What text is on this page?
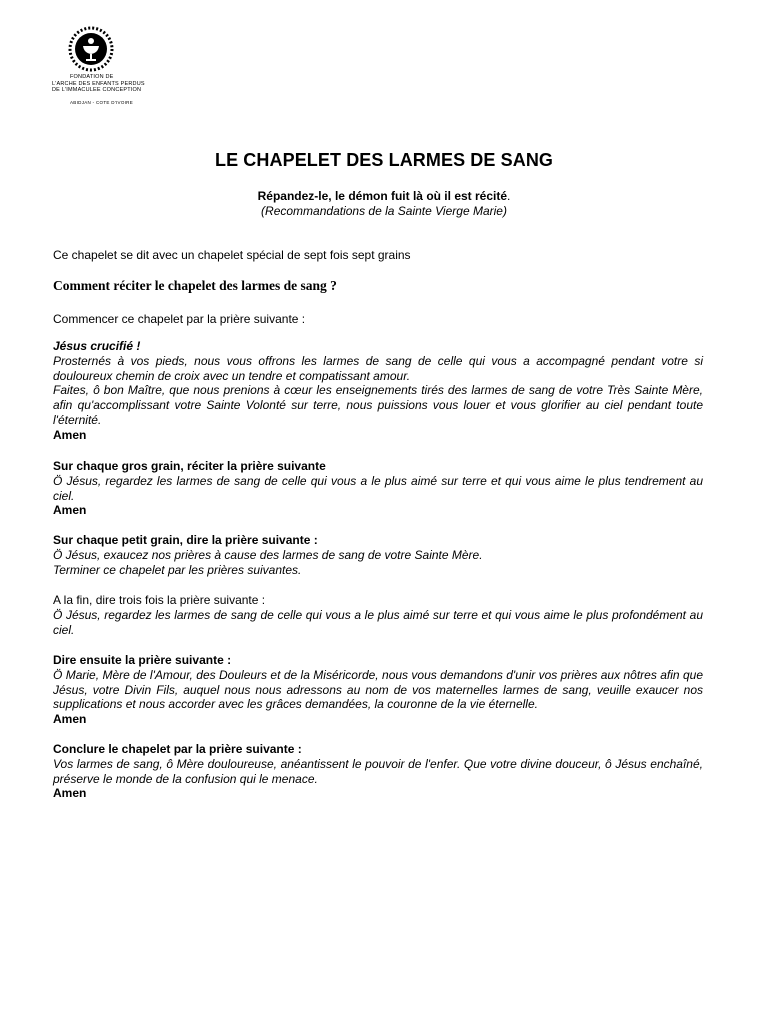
FONDATION DE
L'ARCHE DES ENFANTS PERDUS
DE L'IMMACULEE CONCEPTION
ABIDJAN - COTE D'IVOIRE
LE CHAPELET DES LARMES DE SANG
Répandez-le, le démon fuit là où il est récité.
(Recommandations de la Sainte Vierge Marie)
Ce chapelet se dit avec un chapelet spécial de sept fois sept grains
Comment réciter le chapelet des larmes de sang ?
Commencer ce chapelet par la prière suivante :
Jésus crucifié !
Prosternés à vos pieds, nous vous offrons les larmes de sang de celle qui vous a accompagné pendant votre si douloureux chemin de croix avec un tendre et compatissant amour.
Faites, ô bon Maître, que nous prenions à cœur les enseignements tirés des larmes de sang de votre Très Sainte Mère, afin qu'accomplissant votre Sainte Volonté sur terre, nous puissions vous louer et vous glorifier au ciel pendant toute l'éternité.
Amen
Sur chaque gros grain, réciter la prière suivante
Ö Jésus, regardez les larmes de sang de celle qui vous a le plus aimé sur terre et qui vous aime le plus tendrement au ciel.
Amen
Sur chaque petit grain, dire la prière suivante :
Ö Jésus, exaucez nos prières à cause des larmes de sang de votre Sainte Mère.
Terminer ce chapelet par les prières suivantes.
A la fin, dire trois fois la prière suivante :
Ö Jésus, regardez les larmes de sang de celle qui vous a le plus aimé sur terre et qui vous aime le plus profondément au ciel.
Dire ensuite la prière suivante :
Ö Marie, Mère de l'Amour, des Douleurs et de la Miséricorde, nous vous demandons d'unir vos prières aux nôtres afin que Jésus, votre Divin Fils, auquel nous nous adressons au nom de vos maternelles larmes de sang, veuille exaucer nos supplications et nous accorder avec les grâces demandées, la couronne de la vie éternelle.
Amen
Conclure le chapelet par la prière suivante :
Vos larmes de sang, ô Mère douloureuse, anéantissent le pouvoir de l'enfer. Que votre divine douceur, ô Jésus enchaîné, préserve le monde de la confusion qui le menace.
Amen
